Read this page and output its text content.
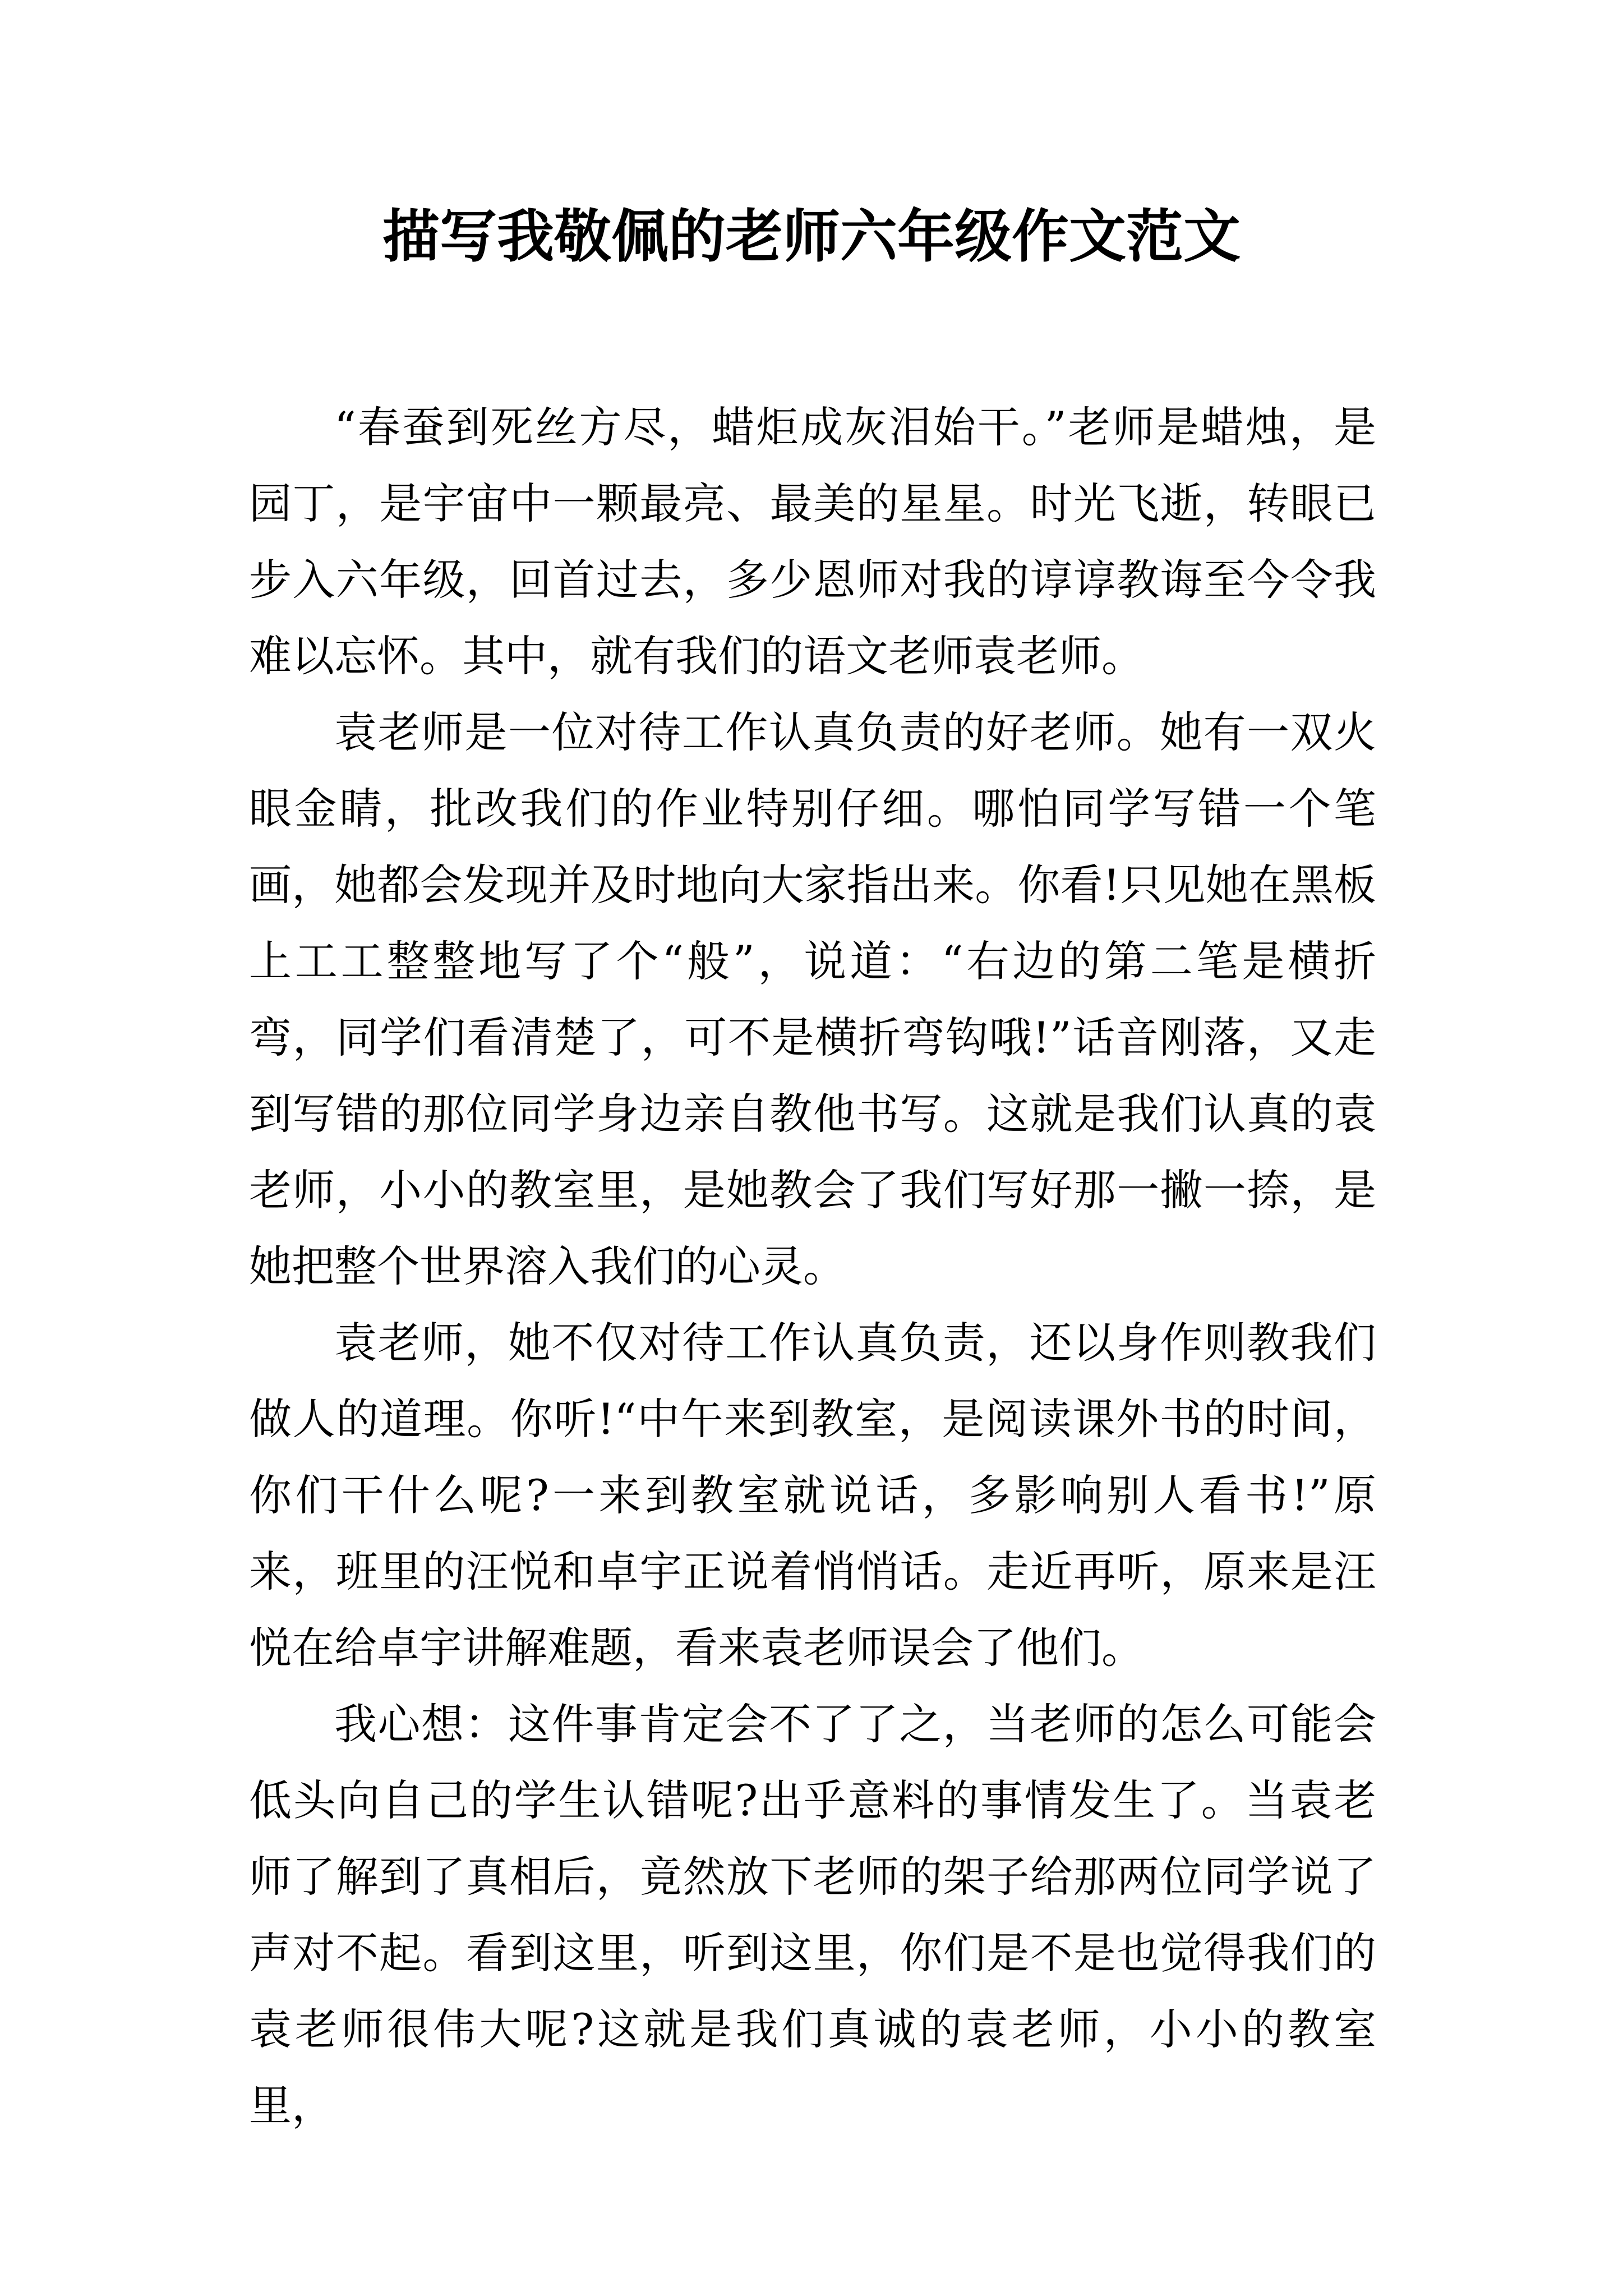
描写我敬佩的老师六年级作文范文

“春蚕到死丝方尽，蜡炬成灰泪始干。”老师是蜡烛，是园丁，是宇宙中一颗最亮、最美的星星。时光飞逝，转眼已步入六年级，回首过去，多少恩师对我的谆谆教诲至今令我难以忘怀。其中，就有我们的语文老师袁老师。

袁老师是一位对待工作认真负责的好老师。她有一双火眼金睛，批改我们的作业特别仔细。哪怕同学写错一个笔画，她都会发现并及时地向大家指出来。你看!只见她在黑板上工工整整地写了个“般”，说道：“右边的第二笔是横折弯，同学们看清楚了，可不是横折弯钩哦!”话音刚落，又走到写错的那位同学身边亲自教他书写。这就是我们认真的袁老师，小小的教室里，是她教会了我们写好那一撇一捺，是她把整个世界溶入我们的心灵。

袁老师，她不仅对待工作认真负责，还以身作则教我们做人的道理。你听!“中午来到教室，是阅读课外书的时间，你们干什么呢?一来到教室就说话，多影响别人看书!”原来，班里的汪悦和卓宇正说着悄悄话。走近再听，原来是汪悦在给卓宇讲解难题，看来袁老师误会了他们。

我心想：这件事肯定会不了了之，当老师的怎么可能会低头向自己的学生认错呢?出乎意料的事情发生了。当袁老师了解到了真相后，竟然放下老师的架子给那两位同学说了声对不起。看到这里，听到这里，你们是不是也觉得我们的袁老师很伟大呢?这就是我们真诚的袁老师，小小的教室里，
